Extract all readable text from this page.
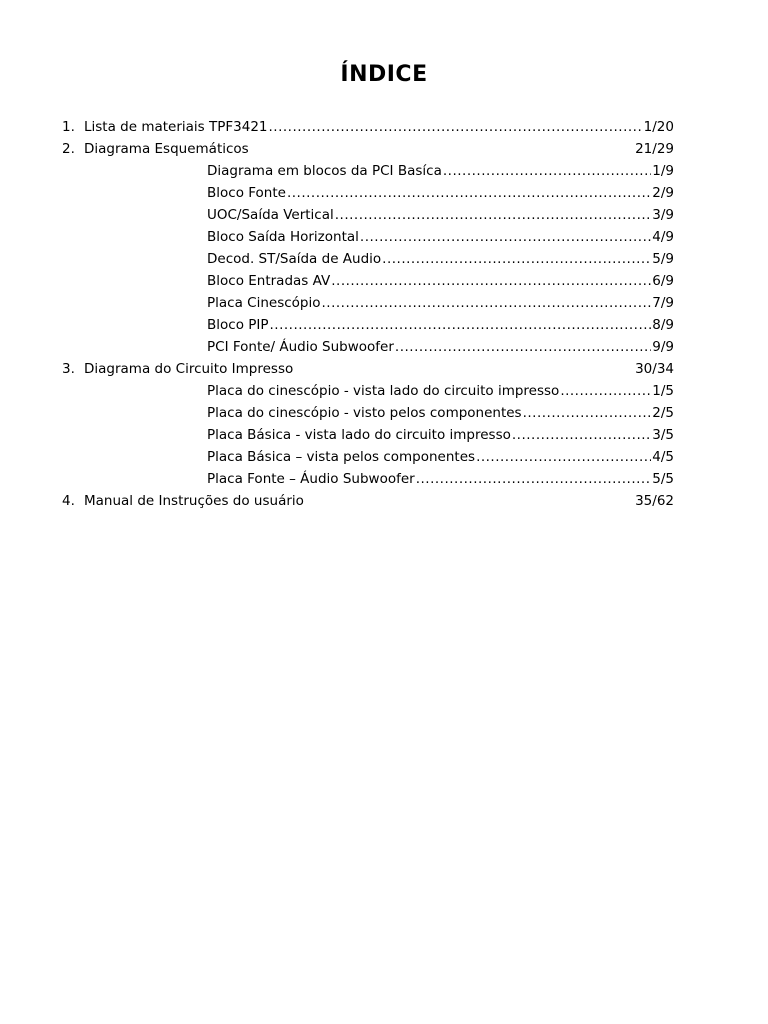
ÍNDICE
1. Lista de materiais TPF3421 .....	1/20
2. Diagrama Esquemáticos	21/29
Diagrama em blocos da PCI Basíca .....	1/9
Bloco Fonte .....	2/9
UOC/Saída Vertical .....	3/9
Bloco Saída Horizontal .....	4/9
Decod. ST/Saída de Audio .....	5/9
Bloco Entradas AV .....	6/9
Placa Cinescópio .....	7/9
Bloco PIP .....	8/9
PCI Fonte/ Áudio Subwoofer .....	9/9
3. Diagrama do Circuito Impresso	30/34
Placa do cinescópio - vista lado do circuito impresso .....	1/5
Placa do cinescópio - visto pelos componentes .....	2/5
Placa Básica - vista lado do circuito impresso .....	3/5
Placa Básica – vista pelos componentes .....	4/5
Placa Fonte – Áudio Subwoofer .....	5/5
4. Manual de Instruções do usuário	35/62
